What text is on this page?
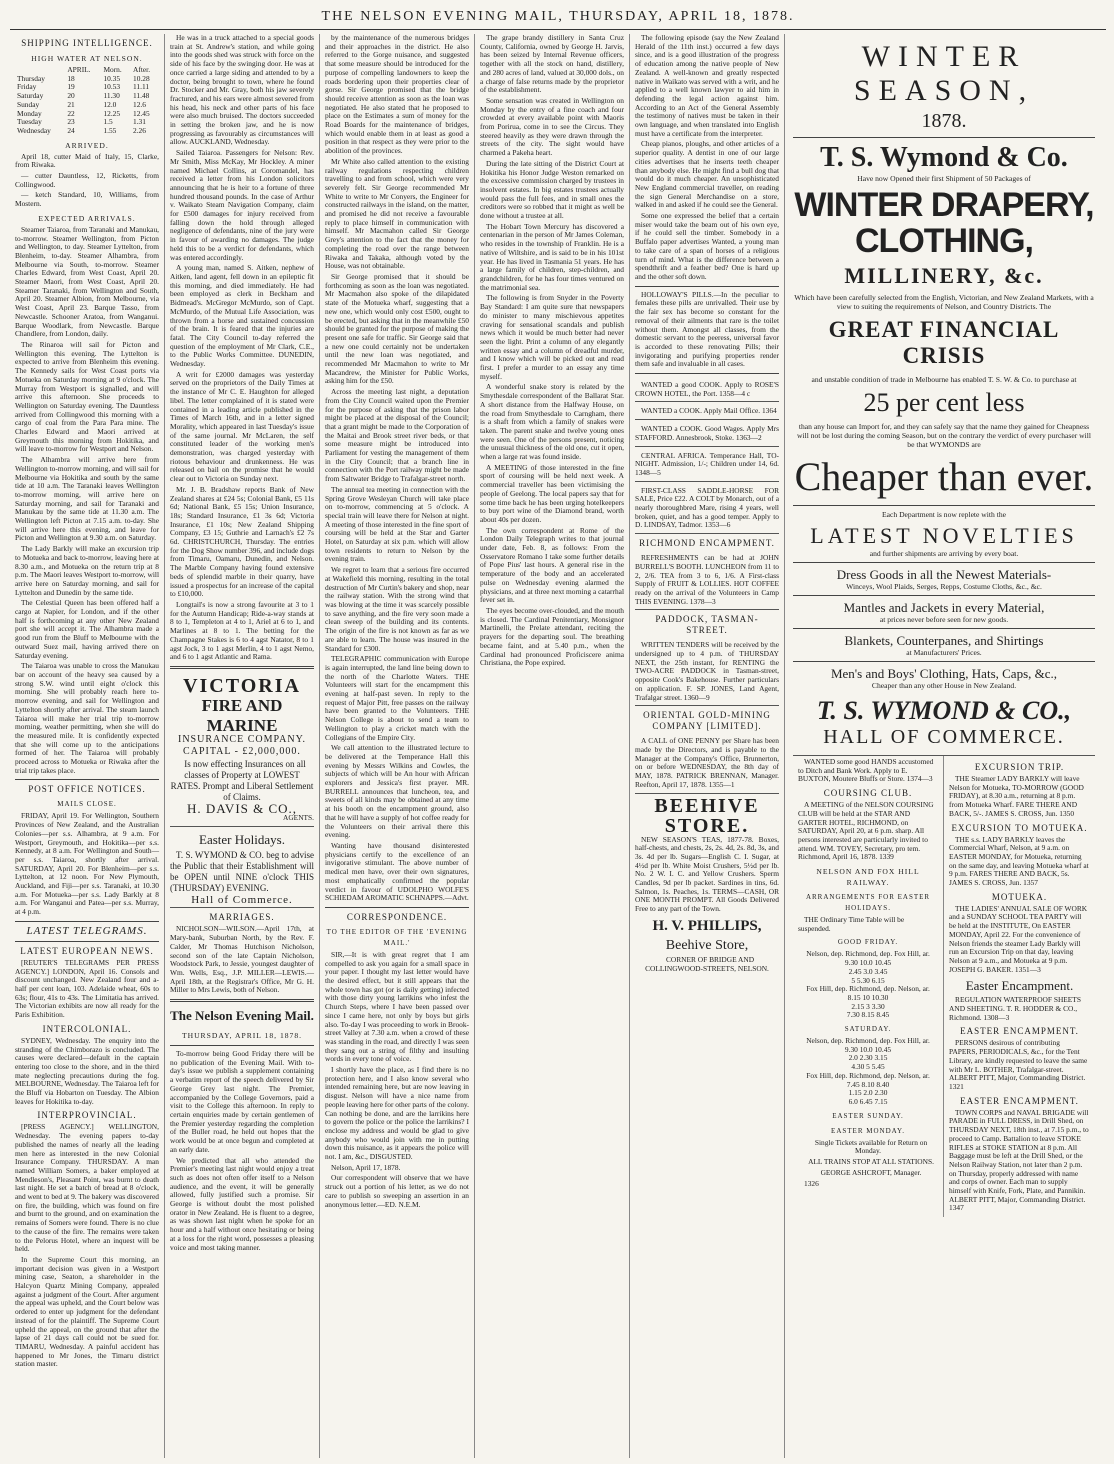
THE NELSON EVENING MAIL, THURSDAY, APRIL 18, 1878.
SHIPPING INTELLIGENCE.
HIGH WATER AT NELSON.
	APRIL.	Morn.	After.
Thursday	18	10.35	10.28
Friday	19	10.53	11.11
Saturday	20	11.30	11.48
Sunday	21	12.0	12.6
Monday	22	12.25	12.45
Tuesday	23	1.5	1.31
Wednesday	24	1.55	2.26
ARRIVED.

April 18, cutter Maid of Italy, 15, Clarke, from Riwaka.

— cutter Dauntless, 12, Ricketts, from Collingwood.

— ketch Standard, 10, Williams, from Mostern.

EXPECTED ARRIVALS.

Steamer Taiaroa, from Taranaki and Manukau, to-morrow. Steamer Wellington, from Picton and Wellington, to day. Steamer Lyttelton, from Blenheim, to-day. Steamer Alhambra, from Melbourne via South, to-morrow. Steamer Charles Edward, from West Coast, April 20. Steamer Maori, from West Coast, April 20. Steamer Taranaki, from Wellington and South, April 20. Steamer Albion, from Melbourne, via West Coast, April 23. Barque Tasso, from Newcastle. Schooner Aratoa, from Wanganui. Barque Woodlark, from Newcastle. Barque Chandlere, from London, daily.

The Rinaroa will sail for Picton and Wellington this evening. The Lyttelton is expected to arrive from Blenheim this evening. The Kennedy sails for West Coast ports via Motueka on Saturday morning at 9 o'clock. The Murray from Westport is signalled, and will arrive this afternoon. She proceeds to Wellington on Saturday evening. The Dauntless arrived from Collingwood this morning with a cargo of coal from the Para Para mine. The Charles Edward and Maori arrived at Greymouth this morning from Hokitika, and will leave to-morrow for Westport and Nelson.

The Alhambra will arrive here from Wellington to-morrow morning, and will sail for Melbourne via Hokitika and south by the same tide at 10 a.m. The Taranaki leaves Wellington to-morrow morning, will arrive here on Saturday morning, and sail for Taranaki and Manukau by the same tide at 11.30 a.m. The Wellington left Picton at 7.15 a.m. to-day. She will arrive here this evening, and leave for Picton and Wellington at 9.30 a.m. on Saturday.

The Lady Barkly will make an excursion trip to Motueka and back to-morrow, leaving here at 8.30 a.m., and Motueka on the return trip at 8 p.m. The Maori leaves Westport to-morrow, will arrive here on Saturday morning, and sail for Lyttelton and Dunedin by the same tide.

The Celestial Queen has been offered half a cargo at Napier, for London, and if the other half is forthcoming at any other New Zealand port she will accept it. The Alhambra made a good run from the Bluff to Melbourne with the outward Suez mail, having arrived there on Saturday evening.

The Taiaroa was unable to cross the Manukau bar on account of the heavy sea caused by a strong S.W. wind until eight o'clock this morning. She will probably reach here to-morrow evening, and sail for Wellington and Lyttelton shortly after arrival. The steam launch Taiaroa will make her trial trip to-morrow morning, weather permitting, when she will do the measured mile. It is confidently expected that she will come up to the anticipations formed of her. The Taiaroa will probably proceed across to Motueka or Riwaka after the trial trip takes place.

POST OFFICE NOTICES.
MAILS CLOSE.

FRIDAY, April 19. For Wellington, Southern Provinces of New Zealand, and the Australian Colonies—per s.s. Alhambra, at 9 a.m. For Westport, Greymouth, and Hokitika—per s.s. Kennedy, at 8 a.m. For Wellington and South—per s.s. Taiaroa, shortly after arrival. SATURDAY, April 20. For Blenheim—per s.s. Lyttelton, at 12 noon. For New Plymouth, Auckland, and Fiji—per s.s. Taranaki, at 10.30 a.m. For Motueka—per s.s. Lady Barkly at 8 a.m. For Wanganui and Patea—per s.s. Murray, at 4 p.m.

LATEST TELEGRAMS.
LATEST EUROPEAN NEWS.

[REUTER'S TELEGRAMS PER PRESS AGENCY.] LONDON, April 16. Consols and discount unchanged. New Zealand four and a-half per cent loan, 103. Adelaide wheat, 60s to 63s; flour, 41s to 43s. The Limitatia has arrived. The Victorian exhibits are now all ready for the Paris Exhibition.

INTERCOLONIAL.

SYDNEY, Wednesday. The enquiry into the stranding of the Chimborazo is concluded. The causes were declared—default in the captain entering too close to the shore, and in the third mate neglecting precautions during the fog. MELBOURNE, Wednesday. The Taiaroa left for the Bluff via Hobarton on Tuesday. The Albion leaves for Hokitika to-day.

INTERPROVINCIAL.

[PRESS AGENCY.] WELLINGTON, Wednesday. The evening papers to-day published the names of nearly all the leading men here as interested in the new Colonial Insurance Company. THURSDAY. A man named William Somers, a baker employed at Mendleson's, Pleasant Point, was burnt to death last night. He set a batch of bread at 8 o'clock, and went to bed at 9. The bakery was discovered on fire, the building, which was found on fire and burnt to the ground, and on examination the remains of Somers were found. There is no clue to the cause of the fire. The remains were taken to the Pelorus Hotel, where an inquest will be held.

In the Supreme Court this morning, an important decision was given in a Westport mining case, Seaton, a shareholder in the Halcyon Quartz Mining Company, appealed against a judgment of the Court. After argument the appeal was upheld, and the Court below was ordered to enter up judgment for the defendant instead of for the plaintiff. The Supreme Court upheld the appeal, on the ground that after the lapse of 21 days call could not be sued for. TIMARU, Wednesday. A painful accident has happened to Mr Jones, the Timaru district station master.

He was in a truck attached to a special goods train at St. Andrew's station, and while going into the goods shed was struck with force on the side of his face by the swinging door. He was at once carried a large siding and attended to by a doctor, being brought to town, where he found Dr. Stocker and Mr. Gray, both his jaw severely fractured, and his ears were almost severed from his head, his neck and other parts of his face were also much bruised. The doctors succeeded in setting the broken jaw, and he is now progressing as favourably as circumstances will allow. AUCKLAND, Wednesday.

Sailed Taiaroa. Passengers for Nelson: Rev. Mr Smith, Miss McKay, Mr Hockley. A miner named Michael Collins, at Coromandel, has received a letter from his London solicitors announcing that he is heir to a fortune of three hundred thousand pounds. In the case of Arthur v. Waikato Steam Navigation Company, claim for £500 damages for injury received from falling down the hold through alleged negligence of defendants, nine of the jury were in favour of awarding no damages. The judge held this to be a verdict for defendants, which was entered accordingly.

A young man, named S. Aitken, nephew of Aitken, land agent, fell down in an epileptic fit this morning, and died immediately. He had been employed as clerk in Beckham and Bidmead's. McGregor McMurdo, son of Capt. McMurdo, of the Mutual Life Association, was thrown from a horse and sustained concussion of the brain. It is feared that the injuries are fatal. The City Council to-day referred the question of the employment of Mr Clark, C.E., to the Public Works Committee. DUNEDIN, Wednesday.

A writ for £2000 damages was yesterday served on the proprietors of the Daily Times at the instance of Mr C. E. Haughton for alleged libel. The letter complained of it is stated were contained in a leading article published in the Times of March 16th, and in a letter signed Morality, which appeared in last Tuesday's issue of the same journal. Mr McLaren, the self constituted leader of the working men's demonstration, was charged yesterday with riotous behaviour and drunkenness. He was released on bail on the promise that he would clear out to Victoria on Sunday next.

Mr. J. B. Bradshaw reports Bank of New Zealand shares at £24 5s; Colonial Bank, £5 11s 6d; National Bank, £5 15s; Union Insurance, 18s; Standard Insurance, £1 3s 6d; Victoria Insurance, £1 10s; New Zealand Shipping Company, £3 15; Guthrie and Larnach's £2 7s 6d. CHRISTCHURCH, Thursday. The entries for the Dog Show number 396, and include dogs from Timaru, Oamaru, Dunedin, and Nelson. The Marble Company having found extensive beds of splendid marble in their quarry, have issued a prospectus for an increase of the capital to £10,000.

Longtail's is now a strong favourite at 3 to 1 for the Autumn Handicap; Ride-a-way stands at 8 to 1, Templeton at 4 to 1, Ariel at 6 to 1, and Marlines at 8 to 1. The betting for the Champagne Stakes is 6 to 4 agst Natator, 8 to 1 agst Jock, 3 to 1 agst Merlin, 4 to 1 agst Nemo, and 6 to 1 agst Atlantic and Rama.

VICTORIA
FIRE AND MARINE
INSURANCE COMPANY.
CAPITAL - £2,000,000.

Is now effecting Insurances on all classes of Property at LOWEST RATES. Prompt and Liberal Settlement of Claims.

H. DAVIS & CO.,
AGENTS.
Easter Holidays.

T. S. WYMOND & CO. beg to advise the Public that their Establishment will be OPEN until NINE o'clock THIS (THURSDAY) EVENING.

Hall of Commerce.
MARRIAGES.

NICHOLSON—WILSON.—April 17th, at Mary-bank, Suburban North, by the Rev. F. Calder, Mr Thomas Hutchison Nicholson, second son of the late Captain Nicholson, Woodstock Park, to Jessie, youngest daughter of Wm. Wells, Esq., J.P. MILLER—LEWIS.—April 18th, at the Registrar's Office, Mr G. H. Miller to Mrs Lewis, both of Nelson.

The Nelson Evening Mail.
THURSDAY, APRIL 18, 1878.

To-morrow being Good Friday there will be no publication of the Evening Mail. With to-day's issue we publish a supplement containing a verbatim report of the speech delivered by Sir George Grey last night. The Premier, accompanied by the College Governors, paid a visit to the College this afternoon. In reply to certain enquiries made by certain gentlemen of the Premier yesterday regarding the completion of the Buller road, he held out hopes that the work would be at once begun and completed at an early date.

We predicted that all who attended the Premier's meeting last night would enjoy a treat such as does not often offer itself to a Nelson audience, and the event, it will be generally allowed, fully justified such a promise. Sir George is without doubt the most polished orator in New Zealand. He is fluent to a degree, as was shown last night when he spoke for an hour and a half without once hesitating or being at a loss for the right word, possesses a pleasing voice and most taking manner.

by the maintenance of the numerous bridges and their approaches in the district. He also referred to the Gorge nuisance, and suggested that some measure should be introduced for the purpose of compelling landowners to keep the roads bordering upon their properties clear of gorse. Sir George promised that the bridge should receive attention as soon as the loan was negotiated. He also stated that he proposed to place on the Estimates a sum of money for the Road Boards for the maintenance of bridges, which would enable them in at least as good a position in that respect as they were prior to the abolition of the provinces.

Mr White also called attention to the existing railway regulations respecting children travelling to and from school, which were very severely felt. Sir George recommended Mr White to write to Mr Conyers, the Engineer for constructed railways in the island, on the matter, and promised he did not receive a favourable reply to place himself in communication with himself. Mr Macmahon called Sir George Grey's attention to the fact that the money for completing the road over the range between Riwaka and Takaka, although voted by the House, was not obtainable.

Sir George promised that it should be forthcoming as soon as the loan was negotiated. Mr Macmahon also spoke of the dilapidated state of the Motueka wharf, suggesting that a new one, which would only cost £500, ought to be erected, but asking that in the meanwhile £50 should be granted for the purpose of making the present one safe for traffic. Sir George said that a new one could certainly not be undertaken until the new loan was negotiated, and recommended Mr Macmahon to write to Mr Macandrew, the Minister for Public Works, asking him for the £50.

Across the meeting last night, a deputation from the City Council waited upon the Premier for the purpose of asking that the prison labor might be placed at the disposal of the Council; that a grant might be made to the Corporation of the Maitai and Brook street river beds, or that some measure might be introduced into Parliament for vesting the management of them in the City Council; that a branch line in connection with the Port railway might be made from Saltwater Bridge to Trafalgar-street north.

The annual tea meeting in connection with the Spring Grove Wesleyan Church will take place on to-morrow, commencing at 5 o'clock. A special train will leave there for Nelson at night. A meeting of those interested in the fine sport of coursing will be held at the Star and Garter Hotel, on Saturday at six p.m. which will allow town residents to return to Nelson by the evening train.

We regret to learn that a serious fire occurred at Wakefield this morning, resulting in the total destruction of Mr Curtin's bakery and shop, near the railway station. With the strong wind that was blowing at the time it was scarcely possible to save anything, and the fire very soon made a clean sweep of the building and its contents. The origin of the fire is not known as far as we are able to learn. The house was insured in the Standard for £300.

TELEGRAPHIC communication with Europe is again interrupted, the land line being down to the north of the Charlotte Waters. THE Volunteers will start for the encampment this evening at half-past seven. In reply to the request of Major Pitt, free passes on the railway have been granted to the Volunteers. THE Nelson College is about to send a team to Wellington to play a cricket match with the Collegians of the Empire City.

We call attention to the illustrated lecture to be delivered at the Temperance Hall this evening by Messrs Wilkins and Cowles, the subjects of which will be An hour with African explorers and Jessica's first prayer. MR. BURRELL announces that luncheon, tea, and sweets of all kinds may be obtained at any time at his booth on the encampment ground, also that he will have a supply of hot coffee ready for the Volunteers on their arrival there this evening.

Wanting have thousand disinterested physicians certify to the excellence of an invigorative stimulant. The above number of medical men have, over their own signatures, most emphatically confirmed the popular verdict in favour of UDOLPHO WOLFE'S SCHIEDAM AROMATIC SCHNAPPS.—Advt.

CORRESPONDENCE.
TO THE EDITOR OF THE 'EVENING MAIL.'

SIR,—It is with great regret that I am compelled to ask you again for a small space in your paper. I thought my last letter would have the desired effect, but it still appears that the whole town has got (or is daily getting) infected with those dirty young larrikins who infest the Church Steps, where I have been passed over since I came here, not only by boys but girls also. To-day I was proceeding to work in Brook-street Valley at 7.30 a.m. when a crowd of these was standing in the road, and directly I was seen they sang out a string of filthy and insulting words in every tone of voice.

I shortly have the place, as I find there is no protection here, and I also know several who intended remaining here, but are now leaving in disgust. Nelson will have a nice name from people leaving here for other parts of the colony. Can nothing be done, and are the larrikins here to govern the police or the police the larrikins? I enclose my address and would be glad to give anybody who would join with me in putting down this nuisance, as it appears the police will not. I am, &c., DISGUSTED.

Nelson, April 17, 1878.

Our correspondent will observe that we have struck out a portion of his letter, as we do not care to publish so sweeping an assertion in an anonymous letter.—ED. N.E.M.

The grape brandy distillery in Santa Cruz County, California, owned by George H. Jarvis, has been seized by Internal Revenue officers, together with all the stock on hand, distillery, and 280 acres of land, valued at 30,000 dols., on a charge of false returns made by the proprietor of the establishment.

Some sensation was created in Wellington on Monday by the entry of a fine coach and four crowded at every available point with Maoris from Porirua, come in to see the Circus. They steered heavily as they were drawn through the streets of the city. The sight would have charmed a Pakeha heart.

During the late sitting of the District Court at Hokitika his Honor Judge Weston remarked on the excessive commission charged by trustees in insolvent estates. In big estates trustees actually would pass the full fees, and in small ones the creditors were so robbed that it might as well be done without a trustee at all.

The Hobart Town Mercury has discovered a centenarian in the person of Mr James Coleman, who resides in the township of Franklin. He is a native of Wiltshire, and is said to be in his 101st year. He has lived in Tasmania 51 years. He has a large family of children, step-children, and grandchildren, for he has four times ventured on the matrimonial sea.

The following is from Snyder in the Poverty Bay Standard: I am quite sure that newspapers do minister to many mischievous appetites craving for sensational scandals and publish news which it would be much better had never seen the light. Print a column of any elegantly written essay and a column of dreadful murder, and I know which will be picked out and read first. I prefer a murder to an essay any time myself.

A wonderful snake story is related by the Smythesdale correspondent of the Ballarat Star. A short distance from the Halfway House, on the road from Smythesdale to Carngham, there is a shaft from which a family of snakes were taken. The parent snake and twelve young ones were seen. One of the persons present, noticing the unusual thickness of the old one, cut it open, when a large rat was found inside.

A MEETING of those interested in the fine sport of coursing will be held next week. A commercial traveller has been victimising the people of Geelong. The local papers say that for some time back he has been urging hotelkeepers to buy port wine of the Diamond brand, worth about 40s per dozen.

The own correspondent at Rome of the London Daily Telegraph writes to that journal under date, Feb. 8, as follows: From the Osservatore Romano I take some further details of Pope Pius' last hours. A general rise in the temperature of the body and an accelerated pulse on Wednesday evening alarmed the physicians, and at three next morning a catarrhal fever set in.

The eyes become over-clouded, and the mouth is closed. The Cardinal Penitentiary, Monsignor Martinelli, the Prelate attendant, reciting the prayers for the departing soul. The breathing became faint, and at 5.40 p.m., when the Cardinal had pronounced Proficiscere anima Christiana, the Pope expired.

The following episode (say the New Zealand Herald of the 11th inst.) occurred a few days since, and is a good illustration of the progress of education among the native people of New Zealand. A well-known and greatly respected native in Waikato was served with a writ, and he applied to a well known lawyer to aid him in defending the legal action against him. According to an Act of the General Assembly the testimony of natives must be taken in their own language, and when translated into English must have a certificate from the interpreter.

Cheap pianos, ploughs, and other articles of a superior quality. A dentist in one of our large cities advertises that he inserts teeth cheaper than anybody else. He might find a bull dog that would do it much cheaper. An unsophisticated New England commercial traveller, on reading the sign General Merchandise on a store, walked in and asked if he could see the General.

Some one expressed the belief that a certain miser would take the beam out of his own eye, if he could sell the timber. Somebody in a Buffalo paper advertises Wanted, a young man to take care of a span of horses of a religious turn of mind. What is the difference between a spendthrift and a feather bed? One is hard up and the other soft down.

HOLLOWAY'S PILLS.—In the peculiar to females these pills are unrivalled. Their use by the fair sex has become so constant for the removal of their ailments that rare is the toilet without them. Amongst all classes, from the domestic servant to the peeress, universal favor is accorded to these renovating Pills; their invigorating and purifying properties render them safe and invaluable in all cases.

WANTED a good COOK. Apply to ROSE'S CROWN HOTEL, the Port. 1358—4 c

WANTED a COOK. Apply Mail Office. 1364

WANTED a COOK. Good Wages. Apply Mrs STAFFORD. Annesbrook, Stoke. 1363—2

CENTRAL AFRICA. Temperance Hall, TO-NIGHT. Admission, 1/-; Children under 14, 6d. 1348—5

FIRST-CLASS SADDLE-HORSE FOR SALE, Price £22. A COLT by Monarch, out of a nearly thoroughbred Mare, rising 4 years, well broken, quiet, and has a good temper. Apply to D. LINDSAY, Tadmor. 1353—6

RICHMOND ENCAMPMENT.

REFRESHMENTS can be had at JOHN BURRELL'S BOOTH. LUNCHEON from 11 to 2, 2/6. TEA from 3 to 6, 1/6. A First-class Supply of FRUIT & LOLLIES. HOT COFFEE ready on the arrival of the Volunteers in Camp THIS EVENING. 1378—3

PADDOCK, TASMAN-STREET.

WRITTEN TENDERS will be received by the undersigned up to 4 p.m. of THURSDAY NEXT, the 25th instant, for RENTING the TWO-ACRE PADDOCK in Tasman-street, opposite Cook's Bakehouse. Further particulars on application. F. SP. JONES, Land Agent, Trafalgar street. 1360—9

ORIENTAL GOLD-MINING COMPANY [LIMITED].

A CALL of ONE PENNY per Share has been made by the Directors, and is payable to the Manager at the Company's Office, Brunnerton, on or before WEDNESDAY, the 8th day of MAY, 1878. PATRICK BRENNAN, Manager. Reefton, April 17, 1878. 1355—1

BEEHIVE STORE.

NEW SEASON'S TEAS, 1877-78. Boxes, half-chests, and chests, 2s, 2s. 4d, 2s. 8d, 3s, and 3s. 4d per lb. Sugars—English C. I. Sugar, at 4½d per lb. White Moist Crushers, 5½d per lb. No. 2 W. I. C. and Yellow Crushers. Sperm Candles, 9d per lb packet. Sardines in tins, 6d. Salmon, 1s. Peaches, 1s. TERMS—CASH, OR ONE MONTH PROMPT. All Goods Delivered Free to any part of the Town.

H. V. PHILLIPS,
Beehive Store,

CORNER OF BRIDGE AND COLLINGWOOD-STREETS, NELSON.

WINTER SEASON,
1878.
T. S. Wymond & Co.
Have now Opened their first Shipment of 50 Packages of
WINTER DRAPERY, CLOTHING,
MILLINERY, &c.
Which have been carefully selected from the English, Victorian, and New Zealand Markets, with a view to suiting the requirements of Nelson, and Country Districts. The
GREAT FINANCIAL CRISIS
and unstable condition of trade in Melbourne has enabled T. S. W. & Co. to purchase at
25 per cent less
than any house can Import for, and they can safely say that the name they gained for Cheapness will not be lost during the coming Season, but on the contrary the verdict of every purchaser will be that WYMONDS are
Cheaper than ever.
Each Department is now replete with the
LATEST NOVELTIES
and further shipments are arriving by every boat.
Dress Goods in all the Newest Materials-
Winceys, Wool Plaids, Serges, Repps, Costume Cloths, &c., &c.
Mantles and Jackets in every Material,
at prices never before seen for new goods.
Blankets, Counterpanes, and Shirtings
at Manufacturers' Prices.
Men's and Boys' Clothing, Hats, Caps, &c.,
Cheaper than any other House in New Zealand.
T. S. WYMOND & CO.,
HALL OF COMMERCE.

WANTED some good HANDS accustomed to Ditch and Bank Work. Apply to E. BUXTON, Moutere Bluffs or Store. 1374—3

COURSING CLUB.

A MEETING of the NELSON COURSING CLUB will be held at the STAR AND GARTER HOTEL, RICHMOND, on SATURDAY, April 20, at 6 p.m. sharp. All persons interested are particularly invited to attend. WM. TOVEY, Secretary, pro tem. Richmond, April 16, 1878. 1339

NELSON AND FOX HILL RAILWAY.
ARRANGEMENTS FOR EASTER HOLIDAYS.

THE Ordinary Time Table will be suspended.

GOOD FRIDAY.
Nelson, dep. Richmond, dep. Fox Hill, ar.
9.30 10.0 10.45
2.45 3.0 3.45
5 5.30 6.15
Fox Hill, dep. Richmond, dep. Nelson, ar.
8.15 10 10.30
2.15 3 3.30
7.30 8.15 8.45
SATURDAY.
Nelson, dep. Richmond, dep. Fox Hill, ar.
9.30 10.0 10.45
2.0 2.30 3.15
4.30 5 5.45
Fox Hill, dep. Richmond, dep. Nelson, ar.
7.45 8.10 8.40
1.15 2.0 2.30
6.0 6.45 7.15
EASTER SUNDAY.
EASTER MONDAY.

Single Tickets available for Return on Monday.

ALL TRAINS STOP AT ALL STATIONS.

GEORGE ASHCROFT, Manager.

1326

EXCURSION TRIP.

THE Steamer LADY BARKLY will leave Nelson for Motueka, TO-MORROW (GOOD FRIDAY), at 8.30 a.m., returning at 8 p.m. from Motueka Wharf. FARE THERE AND BACK, 5/-. JAMES S. CROSS, Jun. 1350

EXCURSION TO MOTUEKA.

THE s.s. LADY BARKLY leaves the Commercial Wharf, Nelson, at 9 a.m. on EASTER MONDAY, for Motueka, returning on the same day, and leaving Motueka wharf at 9 p.m. FARES THERE AND BACK, 5s. JAMES S. CROSS, Jun. 1357

MOTUEKA.

THE LADIES' ANNUAL SALE OF WORK and a SUNDAY SCHOOL TEA PARTY will be held at the INSTITUTE, On EASTER MONDAY, April 22. For the convenience of Nelson friends the steamer Lady Barkly will run an Excursion Trip on that day, leaving Nelson at 9 a.m., and Motueka at 9 p.m. JOSEPH G. BAKER. 1351—3

Easter Encampment.

REGULATION WATERPROOF SHEETS AND SHEETING. T. R. HODDER & CO., Richmond. 1308—3

EASTER ENCAMPMENT.

PERSONS desirous of contributing PAPERS, PERIODICALS, &c., for the Tent Library, are kindly requested to leave the same with Mr L. BOTHER, Trafalgar-street. ALBERT PITT, Major, Commanding District. 1321

EASTER ENCAMPMENT.

TOWN CORPS and NAVAL BRIGADE will PARADE in FULL DRESS, in Drill Shed, on THURSDAY NEXT, 18th inst., at 7.15 p.m., to proceed to Camp. Battalion to leave STOKE RIFLES at STOKE STATION at 8 p.m. All Baggage must be left at the Drill Shed, or the Nelson Railway Station, not later than 2 p.m. on Thursday, properly addressed with name and corps of owner. Each man to supply himself with Knife, Fork, Plate, and Pannikin. ALBERT PITT, Major, Commanding District. 1347
